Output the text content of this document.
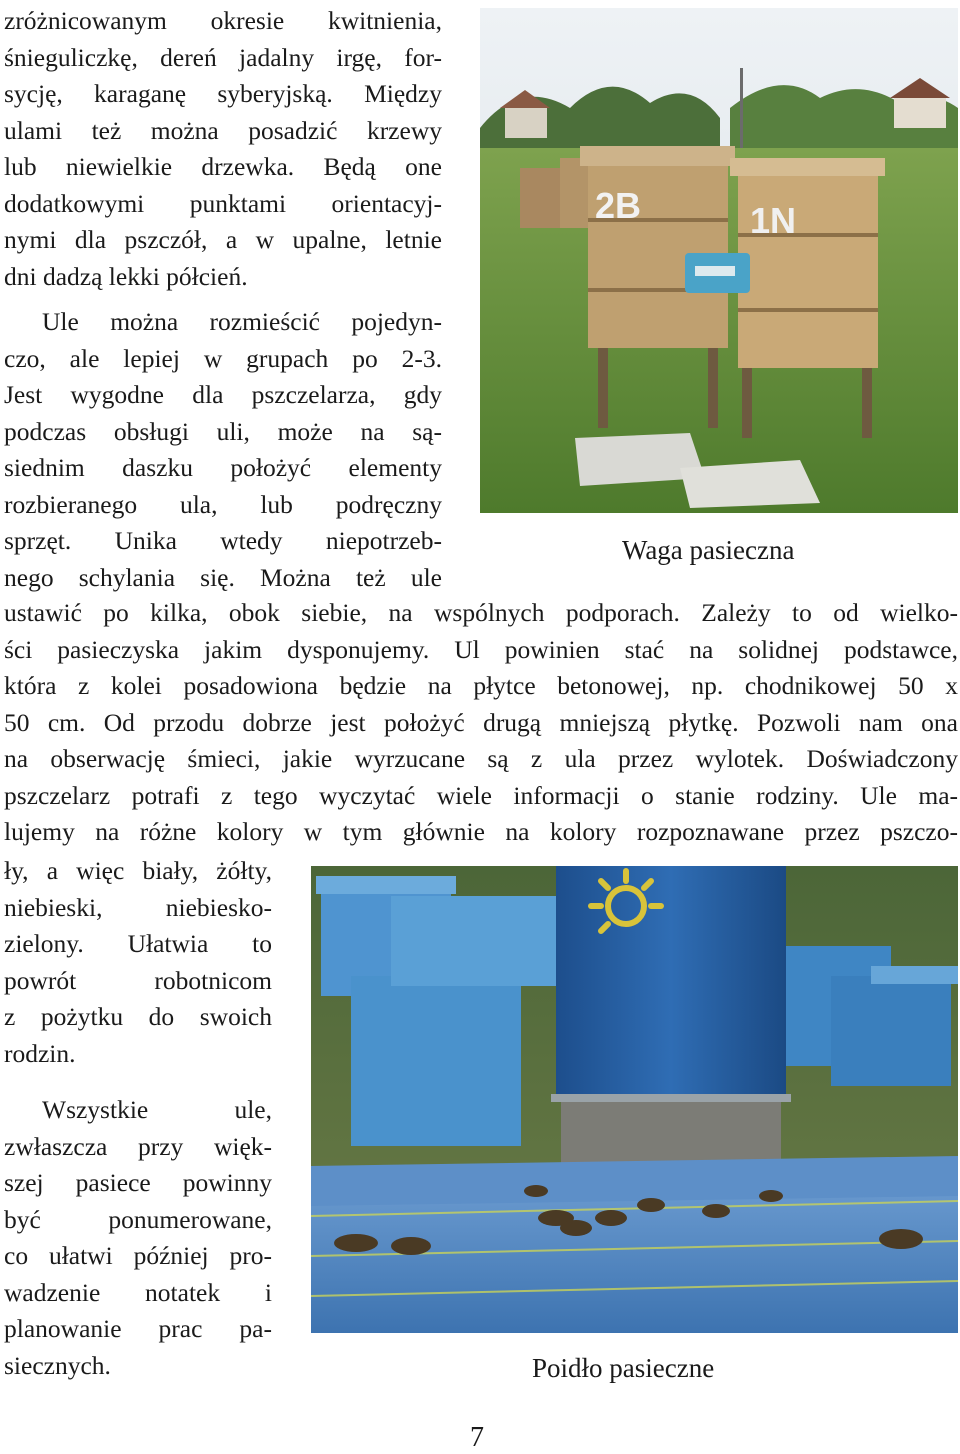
zróżnicowanym okresie kwitnienia,
śnieguliczkę, dereń jadalny irgę, for-
sycję, karaganę syberyjską. Między
ulami też można posadzić krzewy
lub niewielkie drzewka. Będą one
dodatkowymi punktami orientacyj-
nymi dla pszczół, a w upalne, letnie
dni dadzą lekki półcień.
Ule można rozmieścić pojedyn-
czo, ale lepiej w grupach po 2-3.
Jest wygodne dla pszczelarza, gdy
podczas obsługi uli, może na są-
siednim daszku położyć elementy
rozbieranego ula, lub podręczny
sprzęt. Unika wtedy niepotrzeb-
nego schylania się. Można też ule
2B	1N
Waga pasieczna
ustawić po kilka, obok siebie, na wspólnych podporach. Zależy to od wielko-
ści pasieczyska jakim dysponujemy. Ul powinien stać na solidnej podstawce,
która z kolei posadowiona będzie na płytce betonowej, np. chodnikowej 50 x
50 cm. Od przodu dobrze jest położyć drugą mniejszą płytkę. Pozwoli nam ona
na obserwację śmieci, jakie wyrzucane są z ula przez wylotek. Doświadczony
pszczelarz potrafi z tego wyczytać wiele informacji o stanie rodziny. Ule ma-
lujemy na różne kolory w tym głównie na kolory rozpoznawane przez pszczo-
ły, a więc biały, żółty,
niebieski, niebiesko-
zielony. Ułatwia to
powrót robotnicom
z pożytku do swoich
rodzin.
Wszystkie ule,
zwłaszcza przy więk-
szej pasiece powinny
być ponumerowane,
co ułatwi później pro-
wadzenie notatek i
planowanie prac pa-
siecznych.	Poidło pasieczne
7
